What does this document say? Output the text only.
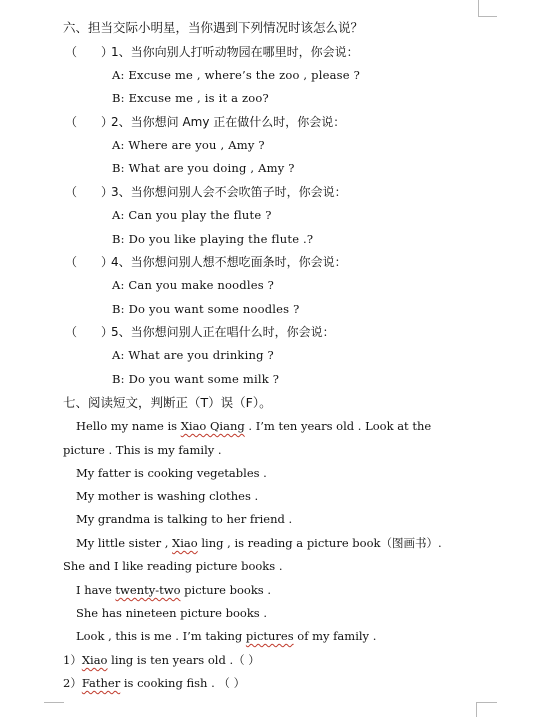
六、担当交际小明星，当你遇到下列情况时该怎么说？
（　　）
1、当你向别人打听动物园在哪里时，你会说：
A: Excuse me , where’s the zoo , please ?
B: Excuse me , is it a zoo?
（　　）
2、当你想问 Amy 正在做什么时，你会说：
A: Where are you , Amy ?
B: What are you doing , Amy ?
（　　）
3、当你想问别人会不会吹笛子时，你会说：
A: Can you play the flute ?
B: Do you like playing the flute .?
（　　）
4、当你想问别人想不想吃面条时，你会说：
A: Can you make noodles ?
B: Do you want some noodles ?
（　　）
5、当你想问别人正在唱什么时，你会说：
A: What are you drinking ?
B: Do you want some milk ?
七、阅读短文，判断正（T）误（F）。
Hello my name is Xiao Qiang . I’m ten years old . Look at the
picture . This is my family .
My fatter is cooking vegetables .
My mother is washing clothes .
My grandma is talking to her friend .
My little sister , Xiao ling , is reading a picture book（图画书）.
She and I like reading picture books .
I have twenty-two picture books .
She has nineteen picture books .
Look , this is me . I’m taking pictures of my family .
1）Xiao ling is ten years old .（ ）
2）Father is cooking fish . （ ）
